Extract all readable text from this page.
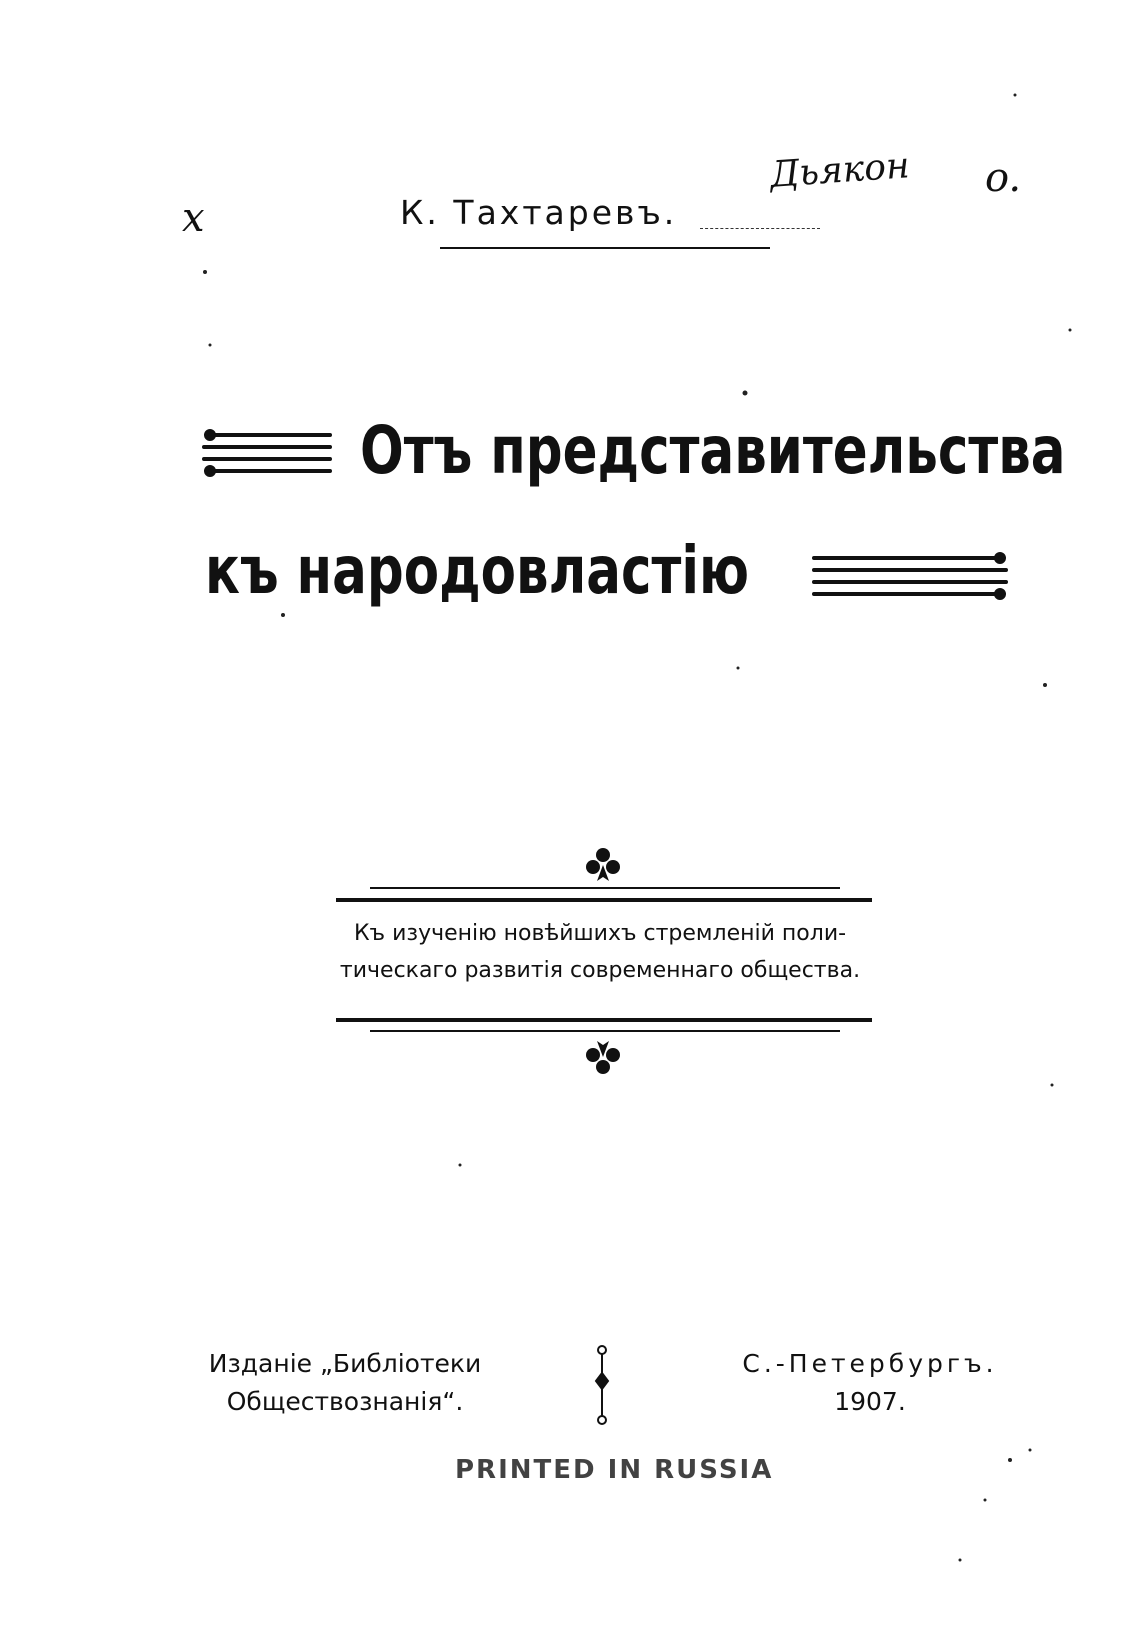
x
Дьякон o.
К. Тахтаревъ.
Отъ представительства
къ народовластiю
Къ изученiю новѣйшихъ стремленiй поли-
тическаго развитiя современнаго общества.
Изданiе „Библiотеки
Обществознанiя“.
С.-Петербургъ.
1907.
PRINTED IN RUSSIA
